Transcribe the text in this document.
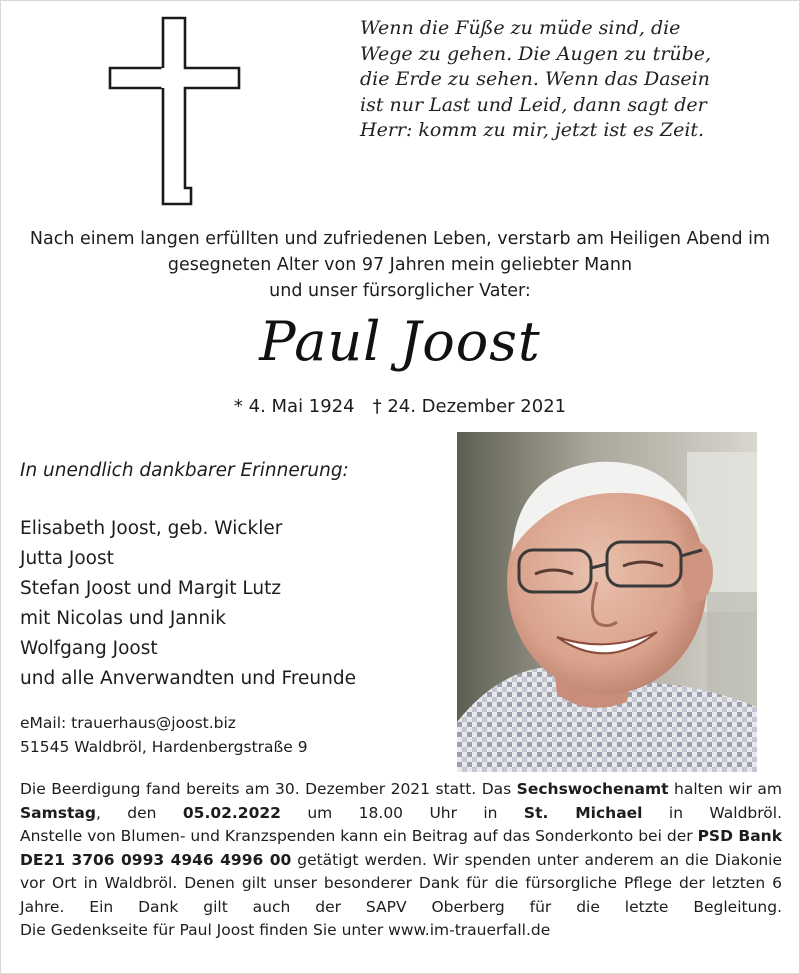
Wenn die Füße zu müde sind, die
Wege zu gehen. Die Augen zu trübe,
die Erde zu sehen. Wenn das Dasein
ist nur Last und Leid, dann sagt der
Herr: komm zu mir, jetzt ist es Zeit.
Nach einem langen erfüllten und zufriedenen Leben, verstarb am Heiligen Abend im
gesegneten Alter von 97 Jahren mein geliebter Mann
und unser fürsorglicher Vater:
Paul Joost
* 4. Mai 1924 † 24. Dezember 2021
In unendlich dankbarer Erinnerung:
Elisabeth Joost, geb. Wickler
Jutta Joost
Stefan Joost und Margit Lutz
mit Nicolas und Jannik
Wolfgang Joost
und alle Anverwandten und Freunde
eMail: trauerhaus@joost.biz
51545 Waldbröl, Hardenbergstraße 9

Die Beerdigung fand bereits am 30. Dezember 2021 statt. Das Sechswochenamt halten wir am Samstag, den 05.02.2022 um 18.00 Uhr in St. Michael in Waldbröl.

Anstelle von Blumen- und Kranzspenden kann ein Beitrag auf das Sonderkonto bei der PSD Bank DE21 3706 0993 4946 4996 00 getätigt werden. Wir spenden unter anderem an die Diakonie vor Ort in Waldbröl. Denen gilt unser besonderer Dank für die fürsorgliche Pflege der letzten 6 Jahre. Ein Dank gilt auch der SAPV Oberberg für die letzte Begleitung.

Die Gedenkseite für Paul Joost finden Sie unter www.im-trauerfall.de
